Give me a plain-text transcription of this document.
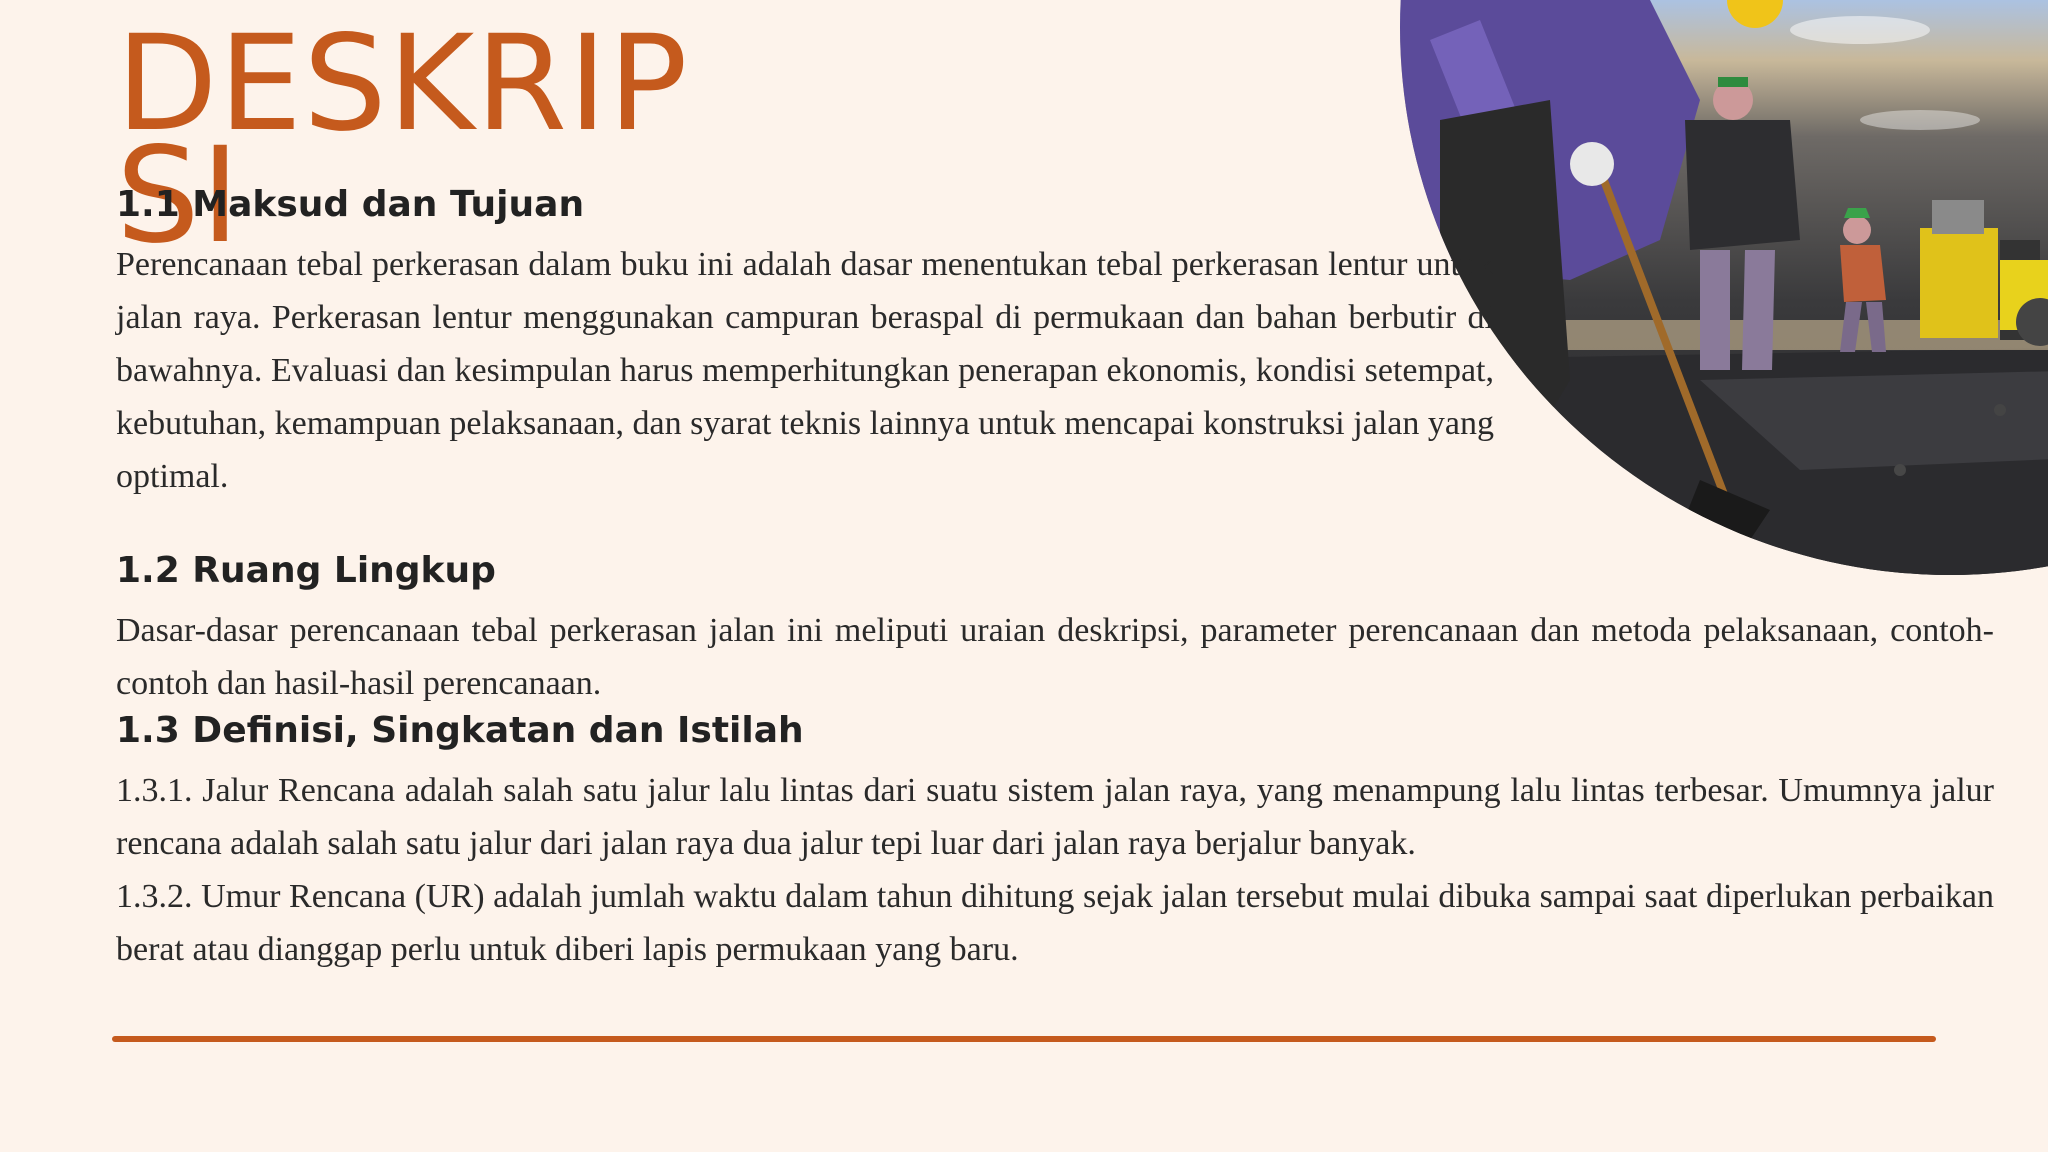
DESKRIPSI
1.1 Maksud dan Tujuan

Perencanaan tebal perkerasan dalam buku ini adalah dasar menentukan tebal perkerasan lentur untuk jalan raya. Perkerasan lentur menggunakan campuran beraspal di permukaan dan bahan berbutir di bawahnya. Evaluasi dan kesimpulan harus memperhitungkan penerapan ekonomis, kondisi setempat, kebutuhan, kemampuan pelaksanaan, dan syarat teknis lainnya untuk mencapai konstruksi jalan yang optimal.

1.2 Ruang Lingkup

Dasar-dasar perencanaan tebal perkerasan jalan ini meliputi uraian deskripsi, parameter perencanaan dan metoda pelaksanaan, contoh-contoh dan hasil-hasil perencanaan.

1.3 Definisi, Singkatan dan Istilah

1.3.1. Jalur Rencana adalah salah satu jalur lalu lintas dari suatu sistem jalan raya, yang menampung lalu lintas terbesar. Umumnya jalur rencana adalah salah satu jalur dari jalan raya dua jalur tepi luar dari jalan raya berjalur banyak.
1.3.2. Umur Rencana (UR) adalah jumlah waktu dalam tahun dihitung sejak jalan tersebut mulai dibuka sampai saat diperlukan perbaikan berat atau dianggap perlu untuk diberi lapis permukaan yang baru.
